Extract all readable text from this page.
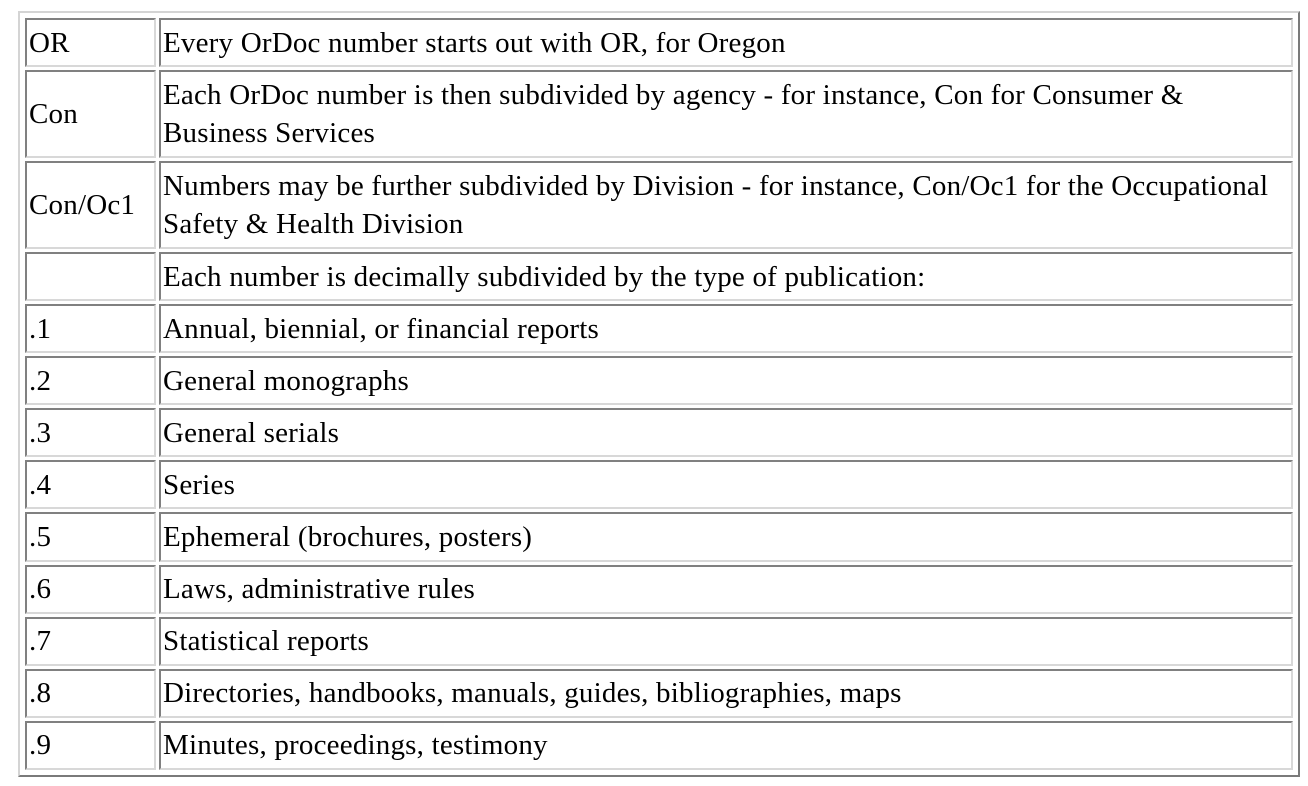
OR	Every OrDoc number starts out with OR, for Oregon
Con	Each OrDoc number is then subdivided by agency - for instance, Con for Consumer & Business Services
Con/Oc1	Numbers may be further subdivided by Division - for instance, Con/Oc1 for the Occupational Safety & Health Division
	Each number is decimally subdivided by the type of publication:
.1	Annual, biennial, or financial reports
.2	General monographs
.3	General serials
.4	Series
.5	Ephemeral (brochures, posters)
.6	Laws, administrative rules
.7	Statistical reports
.8	Directories, handbooks, manuals, guides, bibliographies, maps
.9	Minutes, proceedings, testimony
